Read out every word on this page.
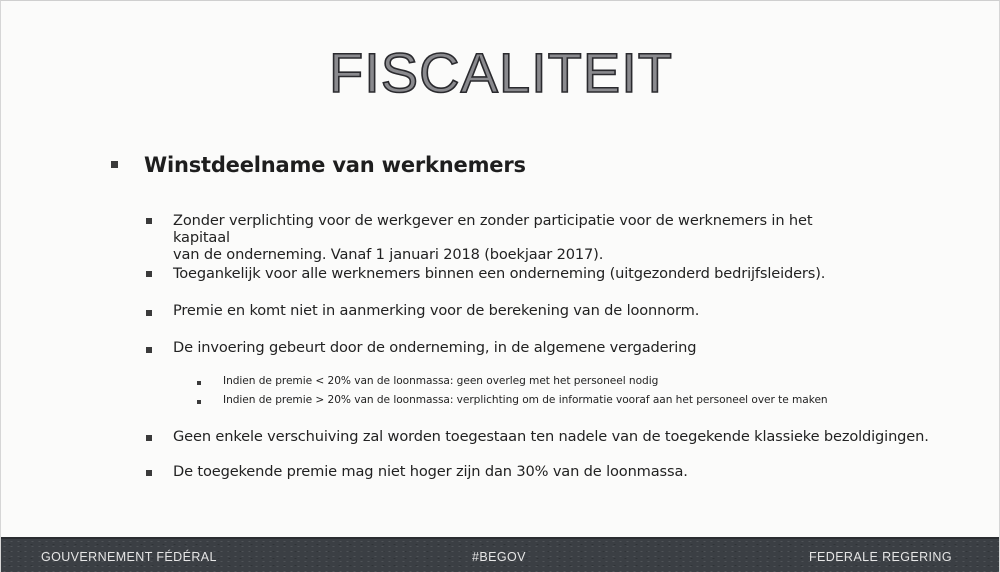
FISCALITEIT
Winstdeelname van werknemers
Zonder verplichting voor de werkgever en zonder participatie voor de werknemers in het kapitaal
van de onderneming. Vanaf 1 januari 2018 (boekjaar 2017).
Toegankelijk voor alle werknemers binnen een onderneming (uitgezonderd bedrijfsleiders).
Premie en komt niet in aanmerking voor de berekening van de loonnorm.
De invoering gebeurt door de onderneming, in de algemene vergadering
Indien de premie < 20% van de loonmassa: geen overleg met het personeel nodig
Indien de premie > 20% van de loonmassa: verplichting om de informatie vooraf aan het personeel over te maken
Geen enkele verschuiving zal worden toegestaan ten nadele van de toegekende klassieke bezoldigingen.
De toegekende premie mag niet hoger zijn dan 30% van de loonmassa.
GOUVERNEMENT FÉDÉRAL	#BEGOV	FEDERALE REGERING
